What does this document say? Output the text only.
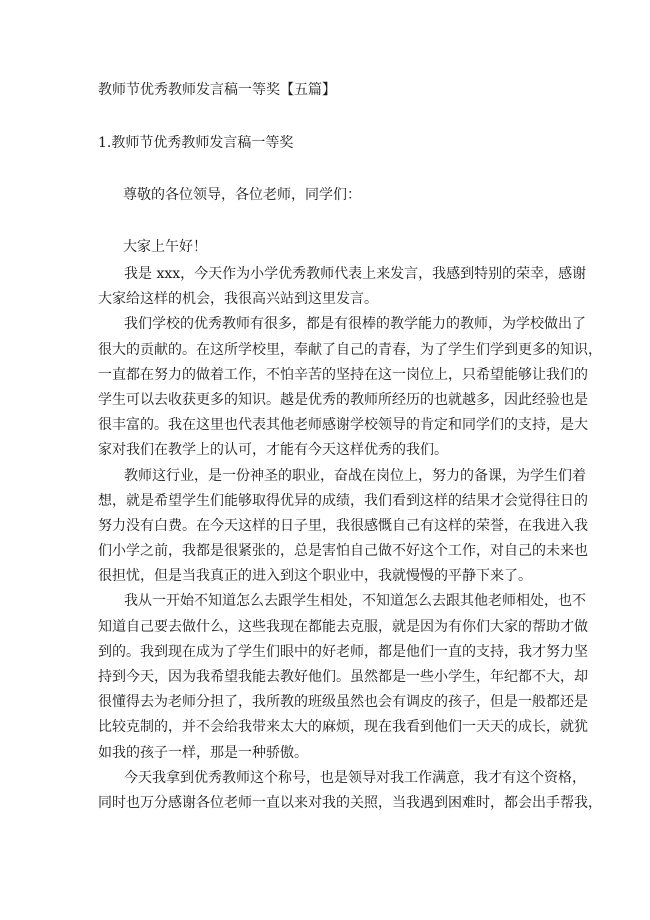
教师节优秀教师发言稿一等奖【五篇】
1.教师节优秀教师发言稿一等奖
尊敬的各位领导，各位老师，同学们：
大家上午好！
我是 xxx，今天作为小学优秀教师代表上来发言，我感到特别的荣幸，感谢
大家给这样的机会，我很高兴站到这里发言。
我们学校的优秀教师有很多，都是有很棒的教学能力的教师，为学校做出了
很大的贡献的。在这所学校里，奉献了自己的青春，为了学生们学到更多的知识，
一直都在努力的做着工作，不怕辛苦的坚持在这一岗位上，只希望能够让我们的
学生可以去收获更多的知识。越是优秀的教师所经历的也就越多，因此经验也是
很丰富的。我在这里也代表其他老师感谢学校领导的肯定和同学们的支持，是大
家对我们在教学上的认可，才能有今天这样优秀的我们。
教师这行业，是一份神圣的职业，奋战在岗位上，努力的备课，为学生们着
想，就是希望学生们能够取得优异的成绩，我们看到这样的结果才会觉得往日的
努力没有白费。在今天这样的日子里，我很感慨自己有这样的荣誉，在我进入我
们小学之前，我都是很紧张的，总是害怕自己做不好这个工作，对自己的未来也
很担忧，但是当我真正的进入到这个职业中，我就慢慢的平静下来了。
我从一开始不知道怎么去跟学生相处，不知道怎么去跟其他老师相处，也不
知道自己要去做什么，这些我现在都能去克服，就是因为有你们大家的帮助才做
到的。我到现在成为了学生们眼中的好老师，都是他们一直的支持，我才努力坚
持到今天，因为我希望我能去教好他们。虽然都是一些小学生，年纪都不大，却
很懂得去为老师分担了，我所教的班级虽然也会有调皮的孩子，但是一般都还是
比较克制的，并不会给我带来太大的麻烦，现在我看到他们一天天的成长，就犹
如我的孩子一样，那是一种骄傲。
今天我拿到优秀教师这个称号，也是领导对我工作满意，我才有这个资格，
同时也万分感谢各位老师一直以来对我的关照，当我遇到困难时，都会出手帮我，
